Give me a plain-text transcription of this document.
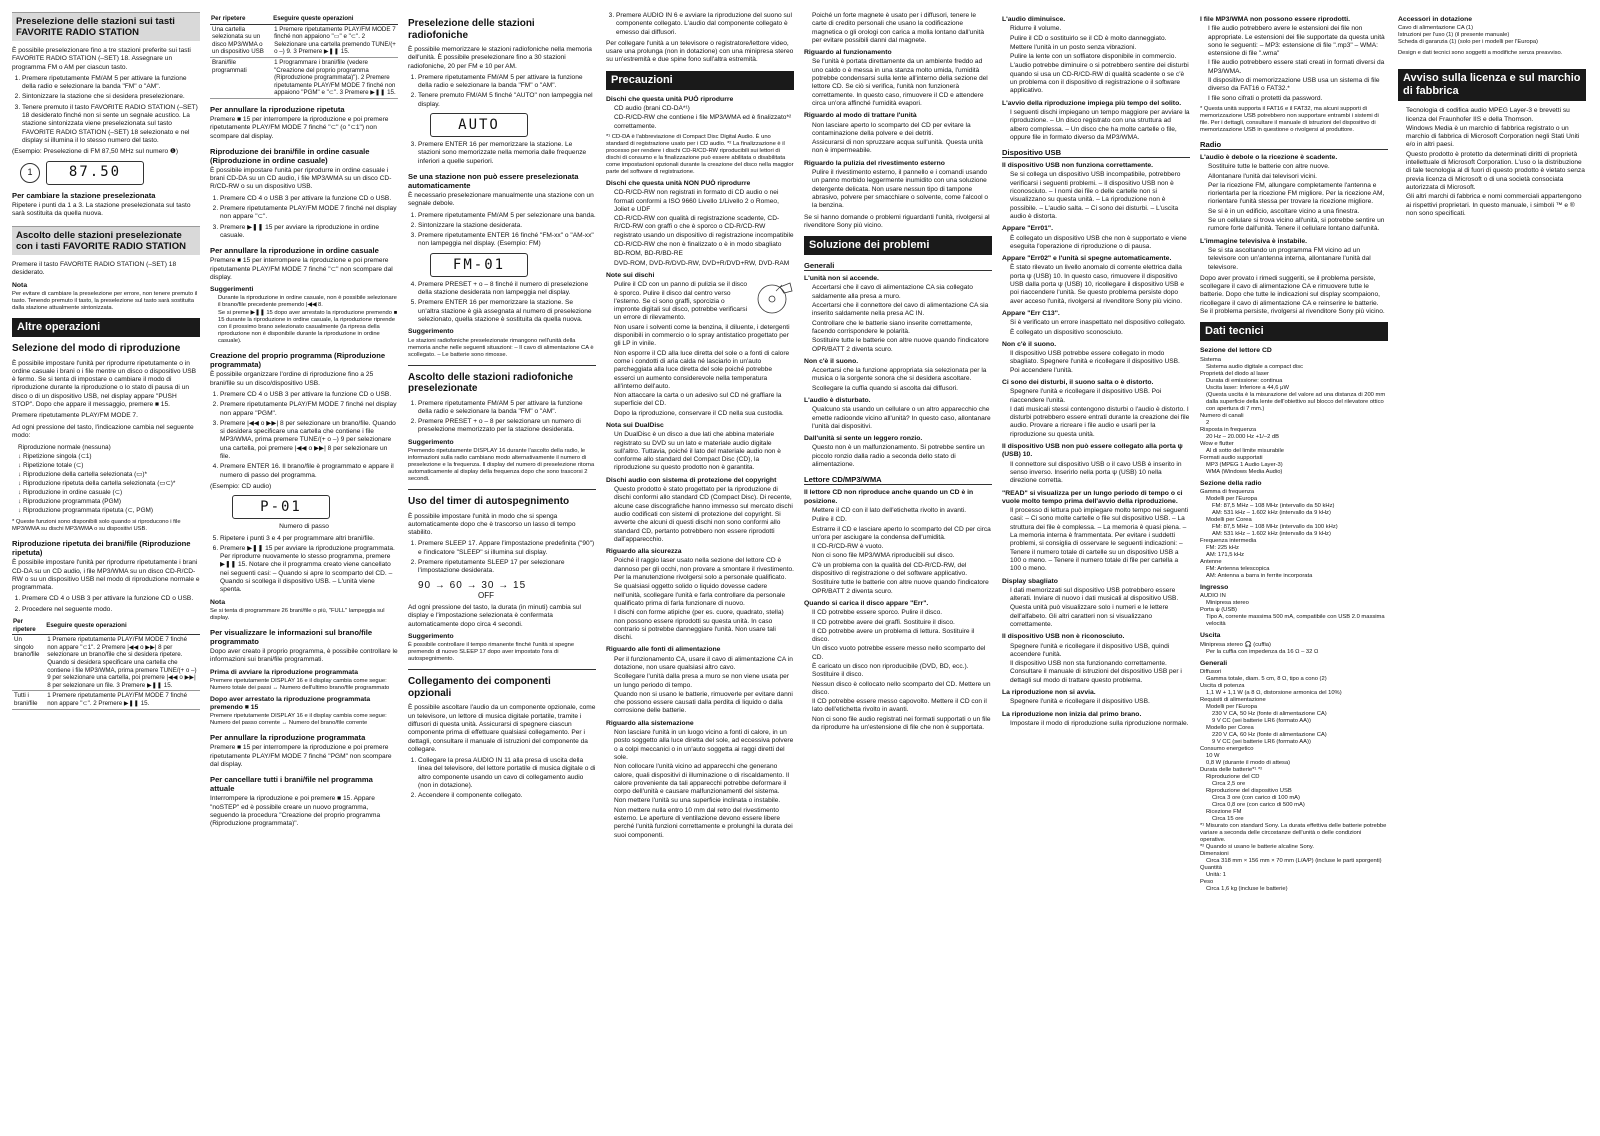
Preselezione delle stazioni sui tasti FAVORITE RADIO STATION

È possibile preselezionare fino a tre stazioni preferite sui tasti FAVORITE RADIO STATION (–SET) 18. Assegnare un programma FM o AM per ciascun tasto.

1. Premere ripetutamente FM/AM 5 per attivare la funzione della radio e selezionare la banda "FM" o "AM".
2. Sintonizzare la stazione che si desidera preselezionare.
3. Tenere premuto il tasto FAVORITE RADIO STATION (–SET) 18 desiderato finché non si sente un segnale acustico. La stazione sintonizzata viene preselezionata sul tasto FAVORITE RADIO STATION (–SET) 18 selezionato e nel display si illumina il lo stesso numero del tasto.

(Esempio: Preselezione di FM 87,50 MHz sul numero ❶)

1	87.50
Per cambiare la stazione preselezionata

Ripetere i punti da 1 a 3. La stazione preselezionata sul tasto sarà sostituita da quella nuova.

Ascolto delle stazioni preselezionate con i tasti FAVORITE RADIO STATION

Premere il tasto FAVORITE RADIO STATION (–SET) 18 desiderato.

Nota

Per evitare di cambiare la preselezione per errore, non tenere premuto il tasto. Tenendo premuto il tasto, la preselezione sul tasto sarà sostituita dalla stazione attualmente sintonizzata.

Altre operazioni
Selezione del modo di riproduzione

È possibile impostare l'unità per riprodurre ripetutamente o in ordine casuale i brani o i file mentre un disco o dispositivo USB è fermo. Se si tenta di impostare o cambiare il modo di riproduzione durante la riproduzione o lo stato di pausa di un disco o di un dispositivo USB, nel display appare "PUSH STOP". Dopo che appare il messaggio, premere ■ 15.

Premere ripetutamente PLAY/FM MODE 7.

Ad ogni pressione del tasto, l'indicazione cambia nel seguente modo:

Riproduzione normale (nessuna)
↓ Ripetizione singola (⊂1)
↓ Ripetizione totale (⊂)
↓ Riproduzione della cartella selezionata (▭)*
↓ Riproduzione ripetuta della cartella selezionata (▭⊂)*
↓ Riproduzione in ordine casuale (⊂)
↓ Riproduzione programmata (PGM)
↓ Riproduzione programmata ripetuta (⊂, PGM)

* Queste funzioni sono disponibili solo quando si riproducono i file MP3/WMA su dischi MP3/WMA o su dispositivi USB.

Riproduzione ripetuta dei brani/file (Riproduzione ripetuta)

È possibile impostare l'unità per riprodurre ripetutamente i brani CD-DA su un CD audio, i file MP3/WMA su un disco CD-R/CD-RW o su un dispositivo USB nel modo di riproduzione normale e programmata.

1. Premere CD 4 o USB 3 per attivare la funzione CD o USB.
2. Procedere nel seguente modo.
Per ripetere	Eseguire queste operazioni
Un singolo brano/file	1 Premere ripetutamente PLAY/FM MODE 7 finché non appare "⊂1". 2 Premere |◀◀ o ▶▶| 8 per selezionare un brano/file che si desidera ripetere. Quando si desidera specificare una cartella che contiene i file MP3/WMA, prima premere TUNE/(+ o –) 9 per selezionare una cartella, poi premere |◀◀ o ▶▶| 8 per selezionare un file. 3 Premere ▶❚❚ 15.
Tutti i brani/file	1 Premere ripetutamente PLAY/FM MODE 7 finché non appare "⊂". 2 Premere ▶❚❚ 15.
Per ripetere	Eseguire queste operazioni
Una cartella selezionata su un disco MP3/WMA o un dispositivo USB	1 Premere ripetutamente PLAY/FM MODE 7 finché non appaiono "▭" e "⊂". 2 Selezionare una cartella premendo TUNE/(+ o –) 9. 3 Premere ▶❚❚ 15.
Brani/file programmati	1 Programmare i brani/file (vedere "Creazione del proprio programma (Riproduzione programmata)"). 2 Premere ripetutamente PLAY/FM MODE 7 finché non appaiono "PGM" e "⊂". 3 Premere ▶❚❚ 15.
Per annullare la riproduzione ripetuta

Premere ■ 15 per interrompere la riproduzione e poi premere ripetutamente PLAY/FM MODE 7 finché "⊂" (o "⊂1") non scompare dal display.

Riproduzione dei brani/file in ordine casuale (Riproduzione in ordine casuale)

È possibile impostare l'unità per riprodurre in ordine casuale i brani CD-DA su un CD audio, i file MP3/WMA su un disco CD-R/CD-RW o su un dispositivo USB.

1. Premere CD 4 o USB 3 per attivare la funzione CD o USB.
2. Premere ripetutamente PLAY/FM MODE 7 finché nel display non appare "⊂".
3. Premere ▶❚❚ 15 per avviare la riproduzione in ordine casuale.
Per annullare la riproduzione in ordine casuale

Premere ■ 15 per interrompere la riproduzione e poi premere ripetutamente PLAY/FM MODE 7 finché "⊂" non scompare dal display.

Suggerimenti
• Durante la riproduzione in ordine casuale, non è possibile selezionare il brano/file precedente premendo |◀◀ 8.
• Se si preme ▶❚❚ 15 dopo aver arrestato la riproduzione premendo ■ 15 durante la riproduzione in ordine casuale, la riproduzione riprende con il prossimo brano selezionato casualmente (la ripresa della riproduzione non è disponibile durante la riproduzione in ordine casuale).
Creazione del proprio programma (Riproduzione programmata)

È possibile organizzare l'ordine di riproduzione fino a 25 brani/file su un disco/dispositivo USB.

1. Premere CD 4 o USB 3 per attivare la funzione CD o USB.
2. Premere ripetutamente PLAY/FM MODE 7 finché nel display non appare "PGM".
3. Premere |◀◀ o ▶▶| 8 per selezionare un brano/file. Quando si desidera specificare una cartella che contiene i file MP3/WMA, prima premere TUNE/(+ o –) 9 per selezionare una cartella, poi premere |◀◀ o ▶▶| 8 per selezionare un file.
4. Premere ENTER 16. Il brano/file è programmato e appare il numero di passo del programma.

(Esempio: CD audio)

P-01

Numero di passo

5. Ripetere i punti 3 e 4 per programmare altri brani/file.
6. Premere ▶❚❚ 15 per avviare la riproduzione programmata. Per riprodurre nuovamente lo stesso programma, premere ▶❚❚ 15. Notare che il programma creato viene cancellato nei seguenti casi: – Quando si apre lo scomparto del CD. – Quando si scollega il dispositivo USB. – L'unità viene spenta.
Nota

Se si tenta di programmare 26 brani/file o più, "FULL" lampeggia sul display.

Per visualizzare le informazioni sul brano/file programmato

Dopo aver creato il proprio programma, è possibile controllare le informazioni sui brani/file programmati.

Prima di avviare la riproduzione programmata

Premere ripetutamente DISPLAY 16 e il display cambia come segue: Numero totale dei passi ↔ Numero dell'ultimo brano/file programmato

Dopo aver arrestato la riproduzione programmata premendo ■ 15

Premere ripetutamente DISPLAY 16 e il display cambia come segue: Numero del passo corrente ↔ Numero del brano/file corrente

Per annullare la riproduzione programmata

Premere ■ 15 per interrompere la riproduzione e poi premere ripetutamente PLAY/FM MODE 7 finché "PGM" non scompare dal display.

Per cancellare tutti i brani/file nel programma attuale

Interrompere la riproduzione e poi premere ■ 15. Appare "noSTEP" ed è possibile creare un nuovo programma, seguendo la procedura "Creazione del proprio programma (Riproduzione programmata)".

Preselezione delle stazioni radiofoniche

È possibile memorizzare le stazioni radiofoniche nella memoria dell'unità. È possibile preselezionare fino a 30 stazioni radiofoniche, 20 per FM e 10 per AM.

1. Premere ripetutamente FM/AM 5 per attivare la funzione della radio e selezionare la banda "FM" o "AM".
2. Tenere premuto FM/AM 5 finché "AUTO" non lampeggia nel display.
AUTO
3. Premere ENTER 16 per memorizzare la stazione. Le stazioni sono memorizzate nella memoria dalle frequenze inferiori a quelle superiori.
Se una stazione non può essere preselezionata automaticamente

È necessario preselezionare manualmente una stazione con un segnale debole.

1. Premere ripetutamente FM/AM 5 per selezionare una banda.
2. Sintonizzare la stazione desiderata.
3. Premere ripetutamente ENTER 16 finché "FM-xx" o "AM-xx" non lampeggia nel display. (Esempio: FM)
FM-01
4. Premere PRESET + o – 8 finché il numero di preselezione della stazione desiderata non lampeggia nel display.
5. Premere ENTER 16 per memorizzare la stazione. Se un'altra stazione è già assegnata al numero di preselezione selezionato, quella stazione è sostituita da quella nuova.
Suggerimento

Le stazioni radiofoniche preselezionate rimangono nell'unità della memoria anche nelle seguenti situazioni: – Il cavo di alimentazione CA è scollegato. – Le batterie sono rimosse.

Ascolto delle stazioni radiofoniche preselezionate
1. Premere ripetutamente FM/AM 5 per attivare la funzione della radio e selezionare la banda "FM" o "AM".
2. Premere PRESET + o – 8 per selezionare un numero di preselezione memorizzato per la stazione desiderata.
Suggerimento

Premendo ripetutamente DISPLAY 16 durante l'ascolto della radio, le informazioni sulla radio cambiano modo alternativamente il numero di preselezione e la frequenza. Il display del numero di preselezione ritorna automaticamente al display della frequenza dopo che sono trascorsi 2 secondi.

Uso del timer di autospegnimento

È possibile impostare l'unità in modo che si spenga automaticamente dopo che è trascorso un lasso di tempo stabilito.

1. Premere SLEEP 17. Appare l'impostazione predefinita ("90") e l'indicatore "SLEEP" si illumina sul display.
2. Premere ripetutamente SLEEP 17 per selezionare l'impostazione desiderata.
90 → 60 → 30 → 15
OFF

Ad ogni pressione del tasto, la durata (in minuti) cambia sul display e l'impostazione selezionata è confermata automaticamente dopo circa 4 secondi.

Suggerimento

È possibile controllare il tempo rimanente finché l'unità si spegne premendo di nuovo SLEEP 17 dopo aver impostato l'ora di autospegnimento.

Collegamento dei componenti opzionali

È possibile ascoltare l'audio da un componente opzionale, come un televisore, un lettore di musica digitale portatile, tramite i diffusori di questa unità. Assicurarsi di spegnere ciascun componente prima di effettuare qualsiasi collegamento. Per i dettagli, consultare il manuale di istruzioni del componente da collegare.

1. Collegare la presa AUDIO IN 11 alla presa di uscita della linea del televisore, del lettore portatile di musica digitale o di altro componente usando un cavo di collegamento audio (non in dotazione).
2. Accendere il componente collegato.
3. Premere AUDIO IN 6 e avviare la riproduzione del suono sul componente collegato. L'audio dal componente collegato è emesso dai diffusori.

Per collegare l'unità a un televisore o registratore/lettore video, usare una prolunga (non in dotazione) con una minipresa stereo su un'estremità e due spine fono sull'altra estremità.

Precauzioni
Dischi che questa unità PUÒ riprodurre
• CD audio (brani CD-DA*¹)
• CD-R/CD-RW che contiene i file MP3/WMA ed è finalizzato*² correttamente.

*¹ CD-DA è l'abbreviazione di Compact Disc Digital Audio. È uno standard di registrazione usato per i CD audio. *² La finalizzazione è il processo per rendere i dischi CD-R/CD-RW riproducibili sui lettori di dischi di consumo e la finalizzazione può essere abilitata o disabilitata come impostazioni opzionali durante la creazione del disco nella maggior parte del software di registrazione.

Dischi che questa unità NON PUÒ riprodurre
• CD-R/CD-RW non registrati in formato di CD audio o nei formati conformi a ISO 9660 Livello 1/Livello 2 o Romeo, Joliet e UDF
• CD-R/CD-RW con qualità di registrazione scadente, CD-R/CD-RW con graffi o che è sporco o CD-R/CD-RW registrato usando un dispositivo di registrazione incompatibile
• CD-R/CD-RW che non è finalizzato o è in modo sbagliato
• BD-ROM, BD-R/BD-RE
• DVD-ROM, DVD-R/DVD-RW, DVD+R/DVD+RW, DVD-RAM
Note sui dischi
• Pulire il CD con un panno di pulizia se il disco è sporco. Pulire il disco dal centro verso l'esterno. Se ci sono graffi, sporcizia o impronte digitali sul disco, potrebbe verificarsi un errore di rilevamento.
• Non usare i solventi come la benzina, il diluente, i detergenti disponibili in commercio o lo spray antistatico progettato per gli LP in vinile.
• Non esporre il CD alla luce diretta del sole o a fonti di calore come i condotti di aria calda né lasciarlo in un'auto parcheggiata alla luce diretta del sole poiché potrebbe esserci un aumento considerevole nella temperatura all'interno dell'auto.
• Non attaccare la carta o un adesivo sul CD né graffiare la superficie del CD.
• Dopo la riproduzione, conservare il CD nella sua custodia.
Nota sui DualDisc
• Un DualDisc è un disco a due lati che abbina materiale registrato su DVD su un lato e materiale audio digitale sull'altro. Tuttavia, poiché il lato del materiale audio non è conforme allo standard del Compact Disc (CD), la riproduzione su questo prodotto non è garantita.
Dischi audio con sistema di protezione del copyright
• Questo prodotto è stato progettato per la riproduzione di dischi conformi allo standard CD (Compact Disc). Di recente, alcune case discografiche hanno immesso sul mercato dischi audio codificati con sistemi di protezione del copyright. Si avverte che alcuni di questi dischi non sono conformi allo standard CD, pertanto potrebbero non essere riprodotti dall'apparecchio.
Riguardo alla sicurezza
• Poiché il raggio laser usato nella sezione del lettore CD è dannoso per gli occhi, non provare a smontare il rivestimento. Per la manutenzione rivolgersi solo a personale qualificato.
• Se qualsiasi oggetto solido o liquido dovesse cadere nell'unità, scollegare l'unità e farla controllare da personale qualificato prima di farla funzionare di nuovo.
• I dischi con forme atipiche (per es. cuore, quadrato, stella) non possono essere riprodotti su questa unità. In caso contrario si potrebbe danneggiare l'unità. Non usare tali dischi.
Riguardo alle fonti di alimentazione
• Per il funzionamento CA, usare il cavo di alimentazione CA in dotazione, non usare qualsiasi altro cavo.
• Scollegare l'unità dalla presa a muro se non viene usata per un lungo periodo di tempo.
• Quando non si usano le batterie, rimuoverle per evitare danni che possono essere causati dalla perdita di liquido o dalla corrosione delle batterie.
Riguardo alla sistemazione
• Non lasciare l'unità in un luogo vicino a fonti di calore, in un posto soggetto alla luce diretta del sole, ad eccessiva polvere o a colpi meccanici o in un'auto soggetta ai raggi diretti del sole.
• Non collocare l'unità vicino ad apparecchi che generano calore, quali dispositivi di illuminazione o di riscaldamento. Il calore proveniente da tali apparecchi potrebbe deformare il corpo dell'unità e causare malfunzionamenti del sistema.
• Non mettere l'unità su una superficie inclinata o instabile.
• Non mettere nulla entro 10 mm dal retro del rivestimento esterno. Le aperture di ventilazione devono essere libere perché l'unità funzioni correttamente e prolunghi la durata dei suoi componenti.
• Poiché un forte magnete è usato per i diffusori, tenere le carte di credito personali che usano la codificazione magnetica o gli orologi con carica a molla lontano dall'unità per evitare possibili danni dal magnete.
Riguardo al funzionamento
• Se l'unità è portata direttamente da un ambiente freddo ad uno caldo o è messa in una stanza molto umida, l'umidità potrebbe condensarsi sulla lente all'interno della sezione del lettore CD. Se ciò si verifica, l'unità non funzionerà correttamente. In questo caso, rimuovere il CD e attendere circa un'ora affinché l'umidità evapori.
Riguardo al modo di trattare l'unità
• Non lasciare aperto lo scomparto del CD per evitare la contaminazione della polvere e dei detriti.
• Assicurarsi di non spruzzare acqua sull'unità. Questa unità non è impermeabile.
Riguardo la pulizia del rivestimento esterno
• Pulire il rivestimento esterno, il pannello e i comandi usando un panno morbido leggermente inumidito con una soluzione detergente delicata. Non usare nessun tipo di tampone abrasivo, polvere per smacchiare o solvente, come l'alcool o la benzina.

Se si hanno domande o problemi riguardanti l'unità, rivolgersi al rivenditore Sony più vicino.

Soluzione dei problemi
Generali
L'unità non si accende.
• Accertarsi che il cavo di alimentazione CA sia collegato saldamente alla presa a muro.
• Accertarsi che il connettore del cavo di alimentazione CA sia inserito saldamente nella presa AC IN.
• Controllare che le batterie siano inserite correttamente, facendo corrispondere le polarità.
• Sostituire tutte le batterie con altre nuove quando l'indicatore OPR/BATT 2 diventa scuro.
Non c'è il suono.
• Accertarsi che la funzione appropriata sia selezionata per la musica o la sorgente sonora che si desidera ascoltare.
• Scollegare la cuffia quando si ascolta dai diffusori.
L'audio è disturbato.
• Qualcuno sta usando un cellulare o un altro apparecchio che emette radioonde vicino all'unità? In questo caso, allontanare l'unità dai dispositivi.
Dall'unità si sente un leggero ronzio.
• Questo non è un malfunzionamento. Si potrebbe sentire un piccolo ronzio dalla radio a seconda dello stato di alimentazione.
Lettore CD/MP3/WMA
Il lettore CD non riproduce anche quando un CD è in posizione.
• Mettere il CD con il lato dell'etichetta rivolto in avanti.
• Pulire il CD.
• Estrarre il CD e lasciare aperto lo scomparto del CD per circa un'ora per asciugare la condensa dell'umidità.
• Il CD-R/CD-RW è vuoto.
• Non ci sono file MP3/WMA riproducibili sul disco.
• C'è un problema con la qualità del CD-R/CD-RW, del dispositivo di registrazione o del software applicativo.
• Sostituire tutte le batterie con altre nuove quando l'indicatore OPR/BATT 2 diventa scuro.
Quando si carica il disco appare "Err".
• Il CD potrebbe essere sporco. Pulire il disco.
• Il CD potrebbe avere dei graffi. Sostituire il disco.
• Il CD potrebbe avere un problema di lettura. Sostituire il disco.
• Un disco vuoto potrebbe essere messo nello scomparto del CD.
• È caricato un disco non riproducibile (DVD, BD, ecc.). Sostituire il disco.
• Nessun disco è collocato nello scomparto del CD. Mettere un disco.
• Il CD potrebbe essere messo capovolto. Mettere il CD con il lato dell'etichetta rivolto in avanti.
• Non ci sono file audio registrati nei formati supportati o un file da riprodurre ha un'estensione di file che non è supportata.
L'audio diminuisce.
• Ridurre il volume.
• Pulire il CD o sostituirlo se il CD è molto danneggiato.
• Mettere l'unità in un posto senza vibrazioni.
• Pulire la lente con un soffiatore disponibile in commercio.
• L'audio potrebbe diminuire o si potrebbero sentire dei disturbi quando si usa un CD-R/CD-RW di qualità scadente o se c'è un problema con il dispositivo di registrazione o il software applicativo.
L'avvio della riproduzione impiega più tempo del solito.
• I seguenti dischi impiegano un tempo maggiore per avviare la riproduzione. – Un disco registrato con una struttura ad albero complessa. – Un disco che ha molte cartelle o file, oppure file in formato diverso da MP3/WMA.
Dispositivo USB
Il dispositivo USB non funziona correttamente.
• Se si collega un dispositivo USB incompatibile, potrebbero verificarsi i seguenti problemi. – Il dispositivo USB non è riconosciuto. – I nomi dei file o delle cartelle non si visualizzano su questa unità. – La riproduzione non è possibile. – L'audio salta. – Ci sono dei disturbi. – L'uscita audio è distorta.
Appare "Err01".
• È collegato un dispositivo USB che non è supportato e viene eseguita l'operazione di riproduzione o di pausa.
Appare "Err02" e l'unità si spegne automaticamente.
• È stato rilevato un livello anomalo di corrente elettrica dalla porta ψ (USB) 10. In questo caso, rimuovere il dispositivo USB dalla porta ψ (USB) 10, ricollegare il dispositivo USB e poi riaccendere l'unità. Se questo problema persiste dopo aver acceso l'unità, rivolgersi al rivenditore Sony più vicino.
Appare "Err C13".
• Si è verificato un errore inaspettato nel dispositivo collegato.
• È collegato un dispositivo sconosciuto.
Non c'è il suono.
• Il dispositivo USB potrebbe essere collegato in modo sbagliato. Spegnere l'unità e ricollegare il dispositivo USB. Poi accendere l'unità.
Ci sono dei disturbi, il suono salta o è distorto.
• Spegnere l'unità e ricollegare il dispositivo USB. Poi riaccendere l'unità.
• I dati musicali stessi contengono disturbi o l'audio è distorto. I disturbi potrebbero essere entrati durante la creazione dei file audio. Provare a ricreare i file audio e usarli per la riproduzione su questa unità.
Il dispositivo USB non può essere collegato alla porta ψ (USB) 10.
• Il connettore sul dispositivo USB o il cavo USB è inserito in senso inverso. Inserirlo nella porta ψ (USB) 10 nella direzione corretta.
"READ" si visualizza per un lungo periodo di tempo o ci vuole molto tempo prima dell'avvio della riproduzione.
• Il processo di lettura può impiegare molto tempo nei seguenti casi: – Ci sono molte cartelle o file sul dispositivo USB. – La struttura dei file è complessa. – La memoria è quasi piena. – La memoria interna è frammentata. Per evitare i suddetti problemi, si consiglia di osservare le seguenti indicazioni: – Tenere il numero totale di cartelle su un dispositivo USB a 100 o meno. – Tenere il numero totale di file per cartella a 100 o meno.
Display sbagliato
• I dati memorizzati sul dispositivo USB potrebbero essere alterati. Inviare di nuovo i dati musicali al dispositivo USB.
• Questa unità può visualizzare solo i numeri e le lettere dell'alfabeto. Gli altri caratteri non si visualizzano correttamente.
Il dispositivo USB non è riconosciuto.
• Spegnere l'unità e ricollegare il dispositivo USB, quindi accendere l'unità.
• Il dispositivo USB non sta funzionando correttamente. Consultare il manuale di istruzioni del dispositivo USB per i dettagli sul modo di trattare questo problema.
La riproduzione non si avvia.
• Spegnere l'unità e ricollegare il dispositivo USB.
La riproduzione non inizia dal primo brano.
• Impostare il modo di riproduzione sulla riproduzione normale.
I file MP3/WMA non possono essere riprodotti.
• I file audio potrebbero avere le estensioni dei file non appropriate. Le estensioni dei file supportate da questa unità sono le seguenti: – MP3: estensione di file ".mp3" – WMA: estensione di file ".wma"
• I file audio potrebbero essere stati creati in formati diversi da MP3/WMA.
• Il dispositivo di memorizzazione USB usa un sistema di file diverso da FAT16 o FAT32.*
• I file sono cifrati o protetti da password.

* Questa unità supporta il FAT16 e il FAT32, ma alcuni supporti di memorizzazione USB potrebbero non supportare entrambi i sistemi di file. Per i dettagli, consultare il manuale di istruzioni del dispositivo di memorizzazione USB in questione o rivolgersi al produttore.

Radio
L'audio è debole o la ricezione è scadente.
• Sostituire tutte le batterie con altre nuove.
• Allontanare l'unità dai televisori vicini.
• Per la ricezione FM, allungare completamente l'antenna e riorientarla per la ricezione FM migliore. Per la ricezione AM, riorientare l'unità stessa per trovare la ricezione migliore.
• Se si è in un edificio, ascoltare vicino a una finestra.
• Se un cellulare si trova vicino all'unità, si potrebbe sentire un rumore forte dall'unità. Tenere il cellulare lontano dall'unità.
L'immagine televisiva è instabile.
• Se si sta ascoltando un programma FM vicino ad un televisore con un'antenna interna, allontanare l'unità dal televisore.

Dopo aver provato i rimedi suggeriti, se il problema persiste, scollegare il cavo di alimentazione CA e rimuovere tutte le batterie. Dopo che tutte le indicazioni sul display scompaiono, ricollegare il cavo di alimentazione CA e reinserire le batterie. Se il problema persiste, rivolgersi al rivenditore Sony più vicino.

Dati tecnici
Sezione del lettore CD
Sistema
Sistema audio digitale a compact disc
Proprietà del diodo al laser
Durata di emissione: continua
Uscita laser: Inferiore a 44,6 μW
(Questa uscita è la misurazione del valore ad una distanza di 200 mm dalla superficie della lente dell'obiettivo sul blocco del rilevatore ottico con apertura di 7 mm.)
Numero di canali
2
Risposta in frequenza
20 Hz – 20.000 Hz +1/–2 dB
Wow e flutter
Al di sotto del limite misurabile
Formati audio supportati
MP3 (MPEG 1 Audio Layer-3)
WMA (Windows Media Audio)
Sezione della radio
Gamma di frequenza
Modelli per l'Europa
FM: 87,5 MHz – 108 MHz (intervallo da 50 kHz)
AM: 531 kHz – 1.602 kHz (intervallo da 9 kHz)
Modelli per Corea
FM: 87,5 MHz – 108 MHz (intervallo da 100 kHz)
AM: 531 kHz – 1.602 kHz (intervallo da 9 kHz)
Frequenza intermedia
FM: 225 kHz
AM: 171,5 kHz
Antenne
FM: Antenna telescopica
AM: Antenna a barra in ferrite incorporata
Ingresso
AUDIO IN
Minipresa stereo
Porta ψ (USB)
Tipo A, corrente massima 500 mA, compatibile con USB 2.0 massima velocità
Uscita
Minipresa stereo 🎧 (cuffia)
Per la cuffia con impedenza da 16 Ω – 32 Ω
Generali
Diffusori
Gamma totale, diam. 5 cm, 8 Ω, tipo a cono (2)
Uscita di potenza
1,1 W + 1,1 W (a 8 Ω, distorsione armonica del 10%)
Requisiti di alimentazione
Modelli per l'Europa
230 V CA, 50 Hz (fonte di alimentazione CA)
9 V CC (sei batterie LR6 (formato AA))
Modello per Corea
220 V CA, 60 Hz (fonte di alimentazione CA)
9 V CC (sei batterie LR6 (formato AA))
Consumo energetico
10 W
0,8 W (durante il modo di attesa)
Durata delle batterie*¹ *²
Riproduzione del CD
Circa 2,5 ore
Riproduzione del dispositivo USB
Circa 3 ore (con carico di 100 mA)
Circa 0,8 ore (con carico di 500 mA)
Ricezione FM
Circa 15 ore
*¹ Misurato con standard Sony. La durata effettiva delle batterie potrebbe variare a seconda delle circostanze dell'unità o delle condizioni operative.
*² Quando si usano le batterie alcaline Sony.
Dimensioni
Circa 318 mm × 156 mm × 70 mm (L/A/P) (incluse le parti sporgenti)
Quantità
Unità: 1
Peso
Circa 1,6 kg (incluse le batterie)
Accessori in dotazione
Cavo di alimentazione CA (1)
Istruzioni per l'uso (1) (il presente manuale)
Scheda di garanzia (1) (solo per i modelli per l'Europa)

Design e dati tecnici sono soggetti a modifiche senza preavviso.

Avviso sulla licenza e sul marchio di fabbrica
• Tecnologia di codifica audio MPEG Layer-3 e brevetti su licenza del Fraunhofer IIS e della Thomson.
• Windows Media è un marchio di fabbrica registrato o un marchio di fabbrica di Microsoft Corporation negli Stati Uniti e/o in altri paesi.
• Questo prodotto è protetto da determinati diritti di proprietà intellettuale di Microsoft Corporation. L'uso o la distribuzione di tale tecnologia al di fuori di questo prodotto è vietato senza previa licenza di Microsoft o di una società consociata autorizzata di Microsoft.
• Gli altri marchi di fabbrica e nomi commerciali appartengono ai rispettivi proprietari. In questo manuale, i simboli ™ e ® non sono specificati.
